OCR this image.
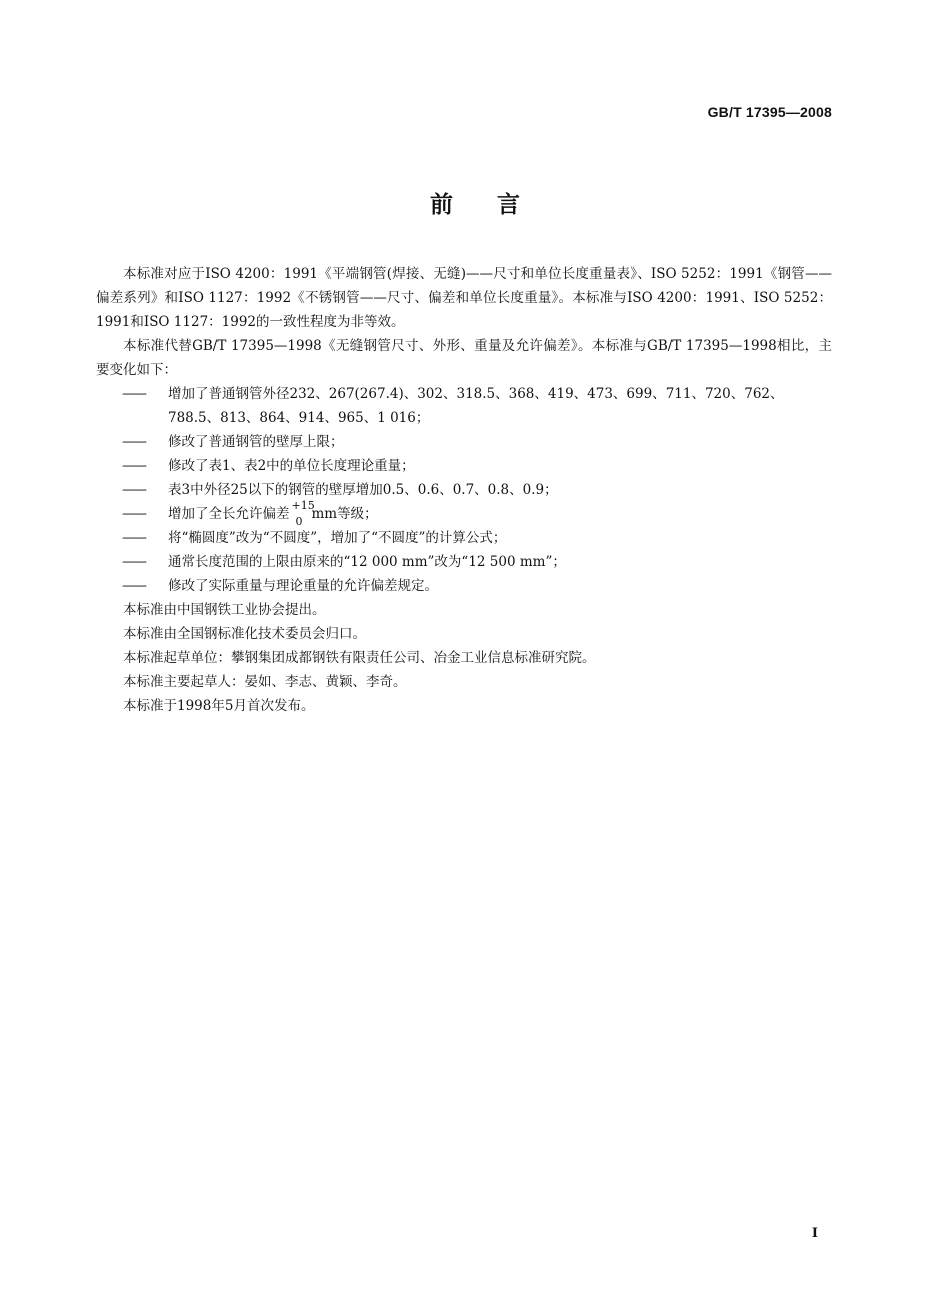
GB/T 17395—2008
前言

本标准对应于ISO 4200：1991《平端钢管(焊接、无缝)——尺寸和单位长度重量表》、ISO 5252：1991《钢管——偏差系列》和ISO 1127：1992《不锈钢管——尺寸、偏差和单位长度重量》。本标准与ISO 4200：1991、ISO 5252：1991和ISO 1127：1992的一致性程度为非等效。

本标准代替GB/T 17395—1998《无缝钢管尺寸、外形、重量及允许偏差》。本标准与GB/T 17395—1998相比，主要变化如下：

—— 增加了普通钢管外径232、267(267.4)、302、318.5、368、419、473、699、711、720、762、788.5、813、864、914、965、1 016；
—— 修改了普通钢管的壁厚上限；
—— 修改了表1、表2中的单位长度理论重量；
—— 表3中外径25以下的钢管的壁厚增加0.5、0.6、0.7、0.8、0.9；
—— 增加了全长允许偏差
+15
0 mm等级；
—— 将“椭圆度”改为“不圆度”，增加了“不圆度”的计算公式；
—— 通常长度范围的上限由原来的“12 000 mm”改为“12 500 mm”；
—— 修改了实际重量与理论重量的允许偏差规定。

本标准由中国钢铁工业协会提出。

本标准由全国钢标准化技术委员会归口。

本标准起草单位：攀钢集团成都钢铁有限责任公司、冶金工业信息标准研究院。

本标准主要起草人：晏如、李志、黄颖、李奇。

本标准于1998年5月首次发布。

I
